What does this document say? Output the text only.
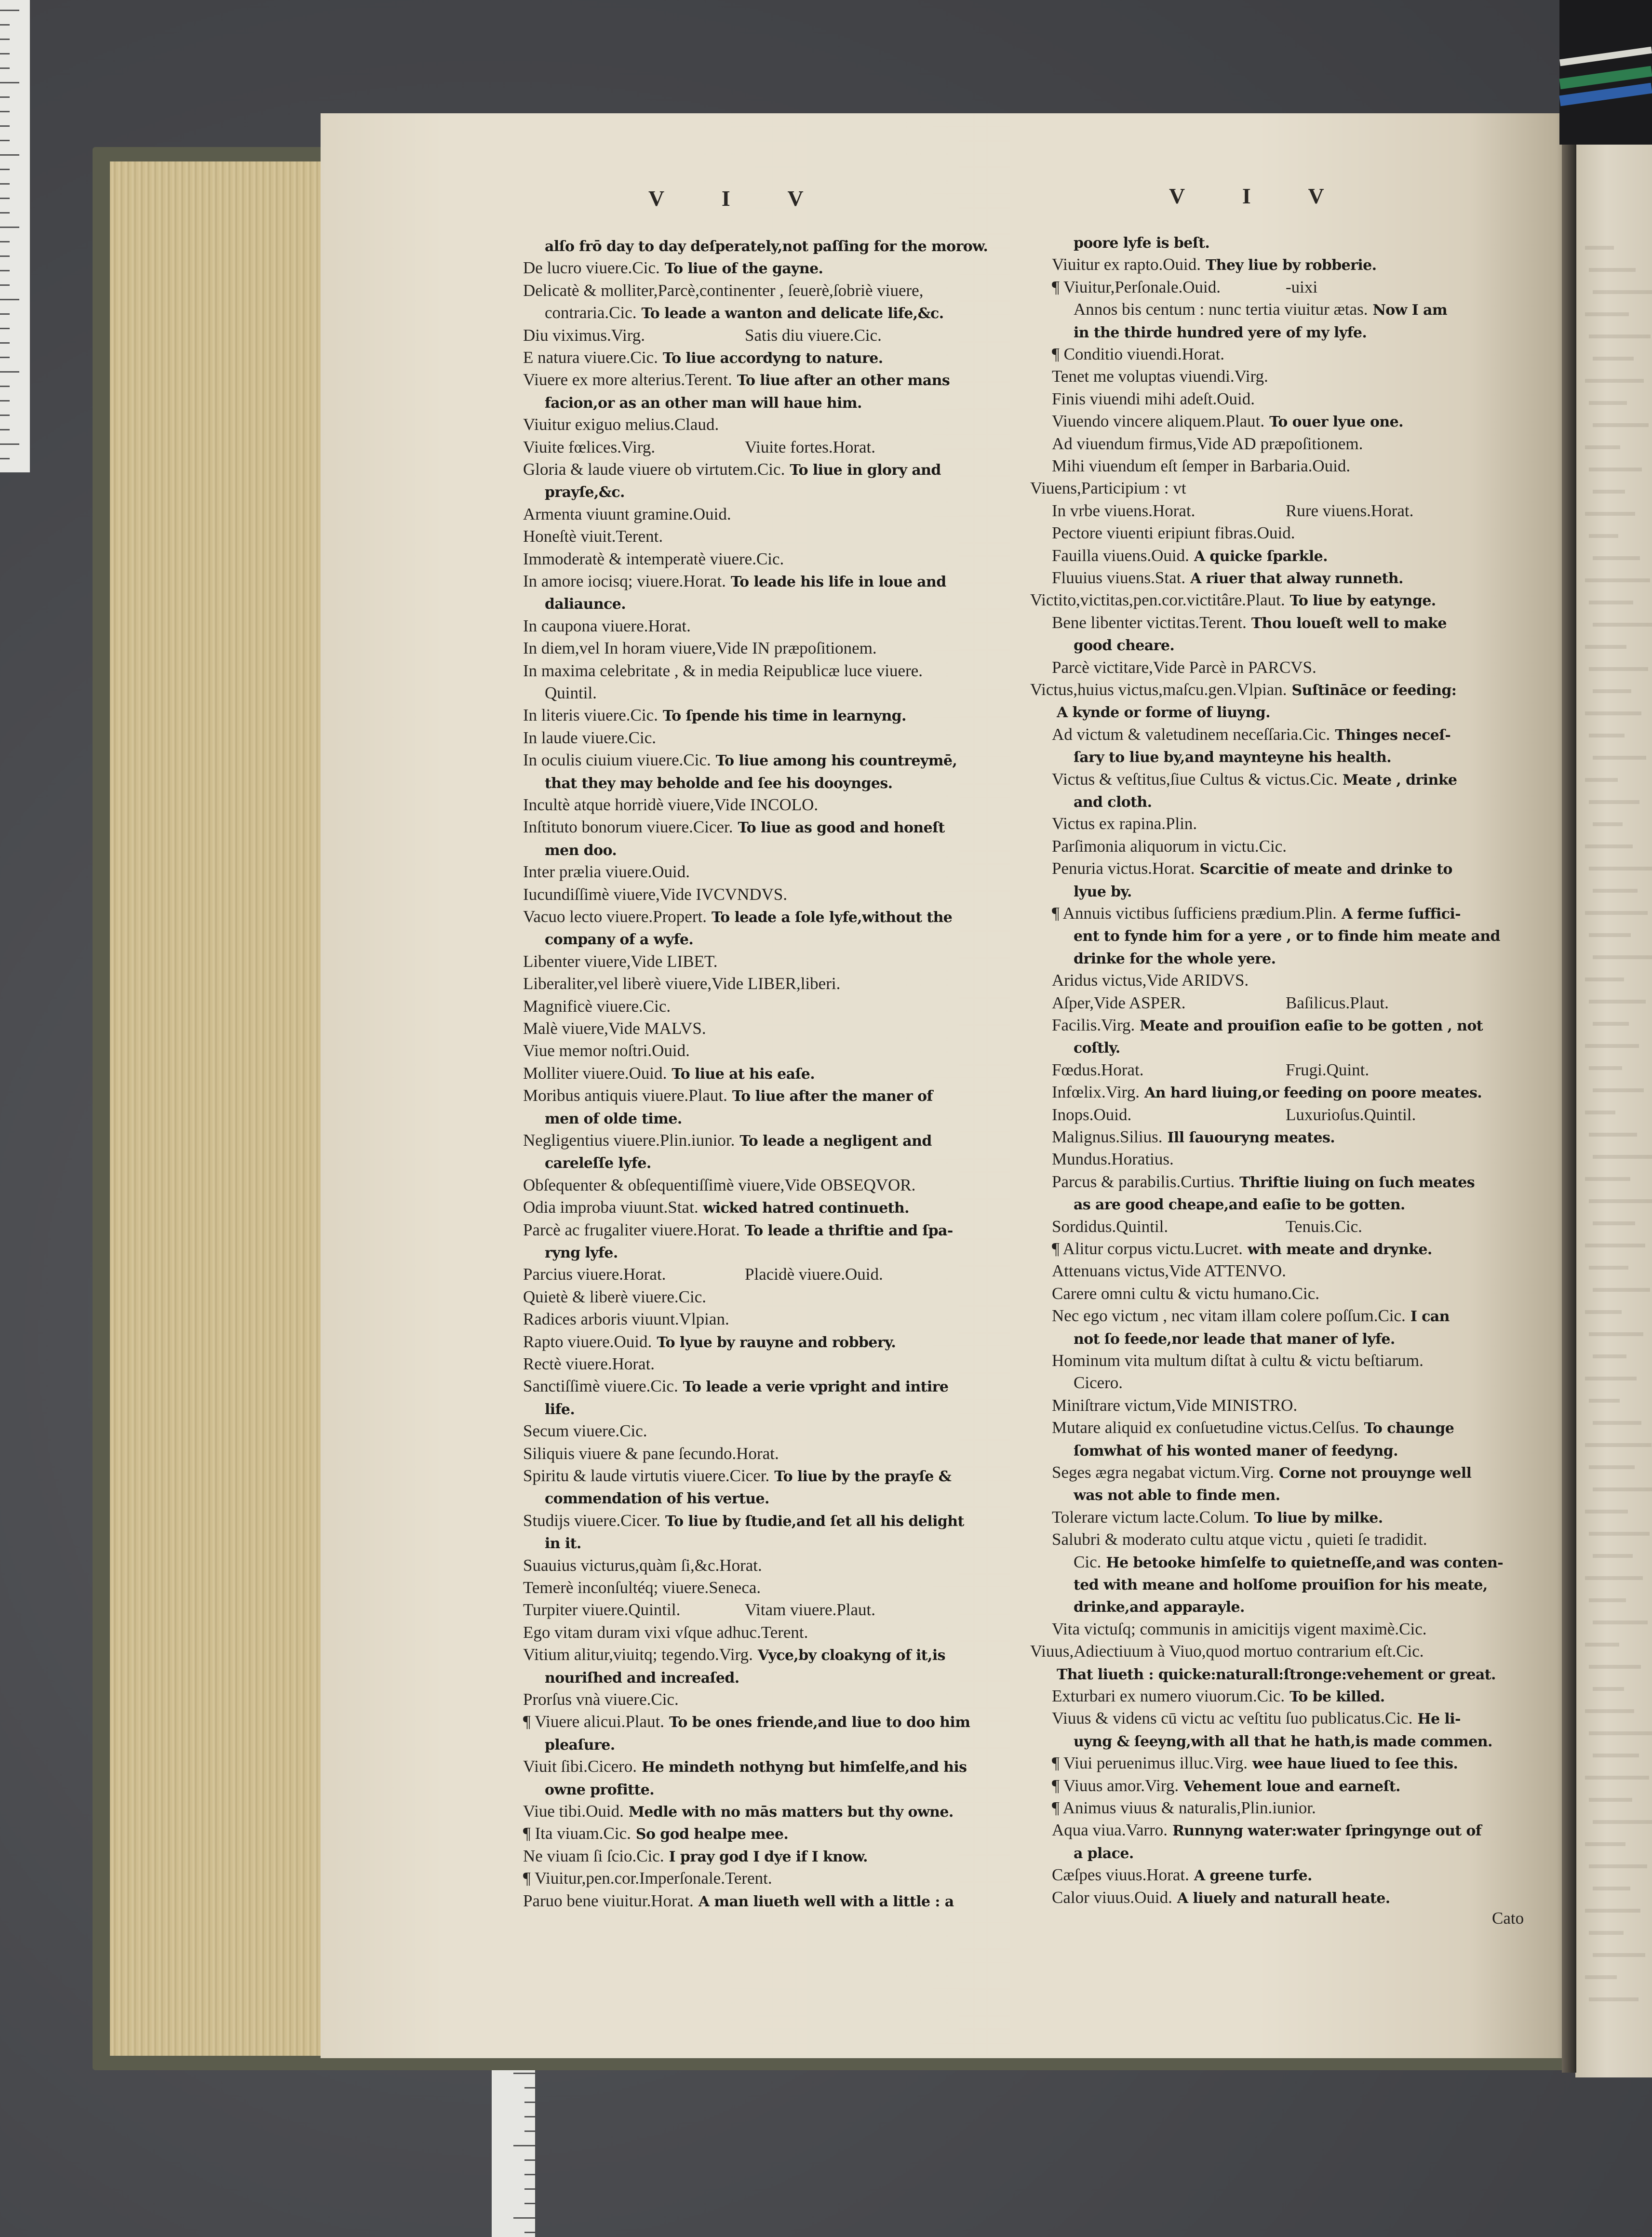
V I V	V I V
alſo frō day to day deſperately,not paſſing for the morow.
De lucro viuere.Cic. To liue of the gayne.
Delicatè & molliter,Parcè,continenter , ſeuerè,ſobriè viuere,
contraria.Cic. To leade a wanton and delicate life,&c.
Diu viximus.Virg.	Satis diu viuere.Cic.
E natura viuere.Cic. To liue accordyng to nature.
Viuere ex more alterius.Terent. To liue after an other mans
facion,or as an other man will haue him.
Viuitur exiguo melius.Claud.
Viuite fœlices.Virg.	Viuite fortes.Horat.
Gloria & laude viuere ob virtutem.Cic. To liue in glory and
prayſe,&c.
Armenta viuunt gramine.Ouid.
Honeſtè viuit.Terent.
Immoderatè & intemperatè viuere.Cic.
In amore iocisq; viuere.Horat. To leade his life in loue and
daliaunce.
In caupona viuere.Horat.
In diem,vel In horam viuere,Vide IN præpoſitionem.
In maxima celebritate , & in media Reipublicæ luce viuere.
Quintil.
In literis viuere.Cic. To ſpende his time in learnyng.
In laude viuere.Cic.
In oculis ciuium viuere.Cic. To liue among his countreymē,
that they may beholde and ſee his dooynges.
Incultè atque horridè viuere,Vide INCOLO.
Inſtituto bonorum viuere.Cicer. To liue as good and honeſt
men doo.
Inter prælia viuere.Ouid.
Iucundiſſimè viuere,Vide IVCVNDVS.
Vacuo lecto viuere.Propert. To leade a ſole lyfe,without the
company of a wyfe.
Libenter viuere,Vide LIBET.
Liberaliter,vel liberè viuere,Vide LIBER,liberi.
Magnificè viuere.Cic.
Malè viuere,Vide MALVS.
Viue memor noſtri.Ouid.
Molliter viuere.Ouid. To liue at his eaſe.
Moribus antiquis viuere.Plaut. To liue after the maner of
men of olde time.
Negligentius viuere.Plin.iunior. To leade a negligent and
careleſſe lyfe.
Obſequenter & obſequentiſſimè viuere,Vide OBSEQVOR.
Odia improba viuunt.Stat. wicked hatred continueth.
Parcè ac frugaliter viuere.Horat. To leade a thriftie and ſpa-
ryng lyfe.
Parcius viuere.Horat.	Placidè viuere.Ouid.
Quietè & liberè viuere.Cic.
Radices arboris viuunt.Vlpian.
Rapto viuere.Ouid. To lyue by rauyne and robbery.
Rectè viuere.Horat.
Sanctiſſimè viuere.Cic. To leade a verie vpright and intire
life.
Secum viuere.Cic.
Siliquis viuere & pane ſecundo.Horat.
Spiritu & laude virtutis viuere.Cicer. To liue by the prayſe &
commendation of his vertue.
Studijs viuere.Cicer. To liue by ſtudie,and ſet all his delight
in it.
Suauius victurus,quàm ſi,&c.Horat.
Temerè inconſultéq; viuere.Seneca.
Turpiter viuere.Quintil.	Vitam viuere.Plaut.
Ego vitam duram vixi vſque adhuc.Terent.
Vitium alitur,viuitq; tegendo.Virg. Vyce,by cloakyng of it,is
nouriſhed and increaſed.
Prorſus vnà viuere.Cic.
¶ Viuere alicui.Plaut. To be ones friende,and liue to doo him
pleaſure.
Viuit ſibi.Cicero. He mindeth nothyng but himſelfe,and his
owne profitte.
Viue tibi.Ouid. Medle with no mās matters but thy owne.
¶ Ita viuam.Cic. So god healpe mee.
Ne viuam ſi ſcio.Cic. I pray god I dye if I know.
¶ Viuitur,pen.cor.Imperſonale.Terent.
Paruo bene viuitur.Horat. A man liueth well with a little : a
poore lyfe is beſt.
Viuitur ex rapto.Ouid. They liue by robberie.
¶ Viuitur,Perſonale.Ouid.	-uixi
Annos bis centum : nunc tertia viuitur ætas. Now I am
in the thirde hundred yere of my lyfe.
¶ Conditio viuendi.Horat.
Tenet me voluptas viuendi.Virg.
Finis viuendi mihi adeſt.Ouid.
Viuendo vincere aliquem.Plaut. To ouer lyue one.
Ad viuendum firmus,Vide AD præpoſitionem.
Mihi viuendum eſt ſemper in Barbaria.Ouid.
Viuens,Participium : vt
In vrbe viuens.Horat.	Rure viuens.Horat.
Pectore viuenti eripiunt fibras.Ouid.
Fauilla viuens.Ouid. A quicke ſparkle.
Fluuius viuens.Stat. A riuer that alway runneth.
Victito,victitas,pen.cor.victitâre.Plaut. To liue by eatynge.
Bene libenter victitas.Terent. Thou loueſt well to make
good cheare.
Parcè victitare,Vide Parcè in PARCVS.
Victus,huius victus,maſcu.gen.Vlpian. Suſtināce or feeding:
A kynde or forme of liuyng.
Ad victum & valetudinem neceſſaria.Cic. Thinges neceſ-
ſary to liue by,and maynteyne his health.
Victus & veſtitus,ſiue Cultus & victus.Cic. Meate , drinke
and cloth.
Victus ex rapina.Plin.
Parſimonia aliquorum in victu.Cic.
Penuria victus.Horat. Scarcitie of meate and drinke to
lyue by.
¶ Annuis victibus ſufficiens prædium.Plin. A ferme ſuffici-
ent to fynde him for a yere , or to finde him meate and
drinke for the whole yere.
Aridus victus,Vide ARIDVS.
Aſper,Vide ASPER.	Baſilicus.Plaut.
Facilis.Virg. Meate and prouiſion eaſie to be gotten , not
coſtly.
Fœdus.Horat.	Frugi.Quint.
Infœlix.Virg. An hard liuing,or feeding on poore meates.
Inops.Ouid.	Luxurioſus.Quintil.
Malignus.Silius. Ill ſauouryng meates.
Mundus.Horatius.
Parcus & parabilis.Curtius. Thriftie liuing on ſuch meates
as are good cheape,and eaſie to be gotten.
Sordidus.Quintil.	Tenuis.Cic.
¶ Alitur corpus victu.Lucret. with meate and drynke.
Attenuans victus,Vide ATTENVO.
Carere omni cultu & victu humano.Cic.
Nec ego victum , nec vitam illam colere poſſum.Cic. I can
not ſo feede,nor leade that maner of lyfe.
Hominum vita multum diſtat à cultu & victu beſtiarum.
Cicero.
Miniſtrare victum,Vide MINISTRO.
Mutare aliquid ex conſuetudine victus.Celſus. To chaunge
ſomwhat of his wonted maner of feedyng.
Seges ægra negabat victum.Virg. Corne not prouynge well
was not able to finde men.
Tolerare victum lacte.Colum. To liue by milke.
Salubri & moderato cultu atque victu , quieti ſe tradidit.
Cic. He betooke himſelfe to quietneſſe,and was conten-
ted with meane and holſome prouiſion for his meate,
drinke,and apparayle.
Vita victuſq; communis in amicitijs vigent maximè.Cic.
Viuus,Adiectiuum à Viuo,quod mortuo contrarium eſt.Cic.
That liueth : quicke:naturall:ſtronge:vehement or great.
Exturbari ex numero viuorum.Cic. To be killed.
Viuus & videns cū victu ac veſtitu ſuo publicatus.Cic. He li-
uyng & ſeeyng,with all that he hath,is made commen.
¶ Viui peruenimus illuc.Virg. wee haue liued to ſee this.
¶ Viuus amor.Virg. Vehement loue and earneſt.
¶ Animus viuus & naturalis,Plin.iunior.
Aqua viua.Varro. Runnyng water:water ſpringynge out of
a place.
Cæſpes viuus.Horat. A greene turfe.
Calor viuus.Ouid. A liuely and naturall heate.
Cato
